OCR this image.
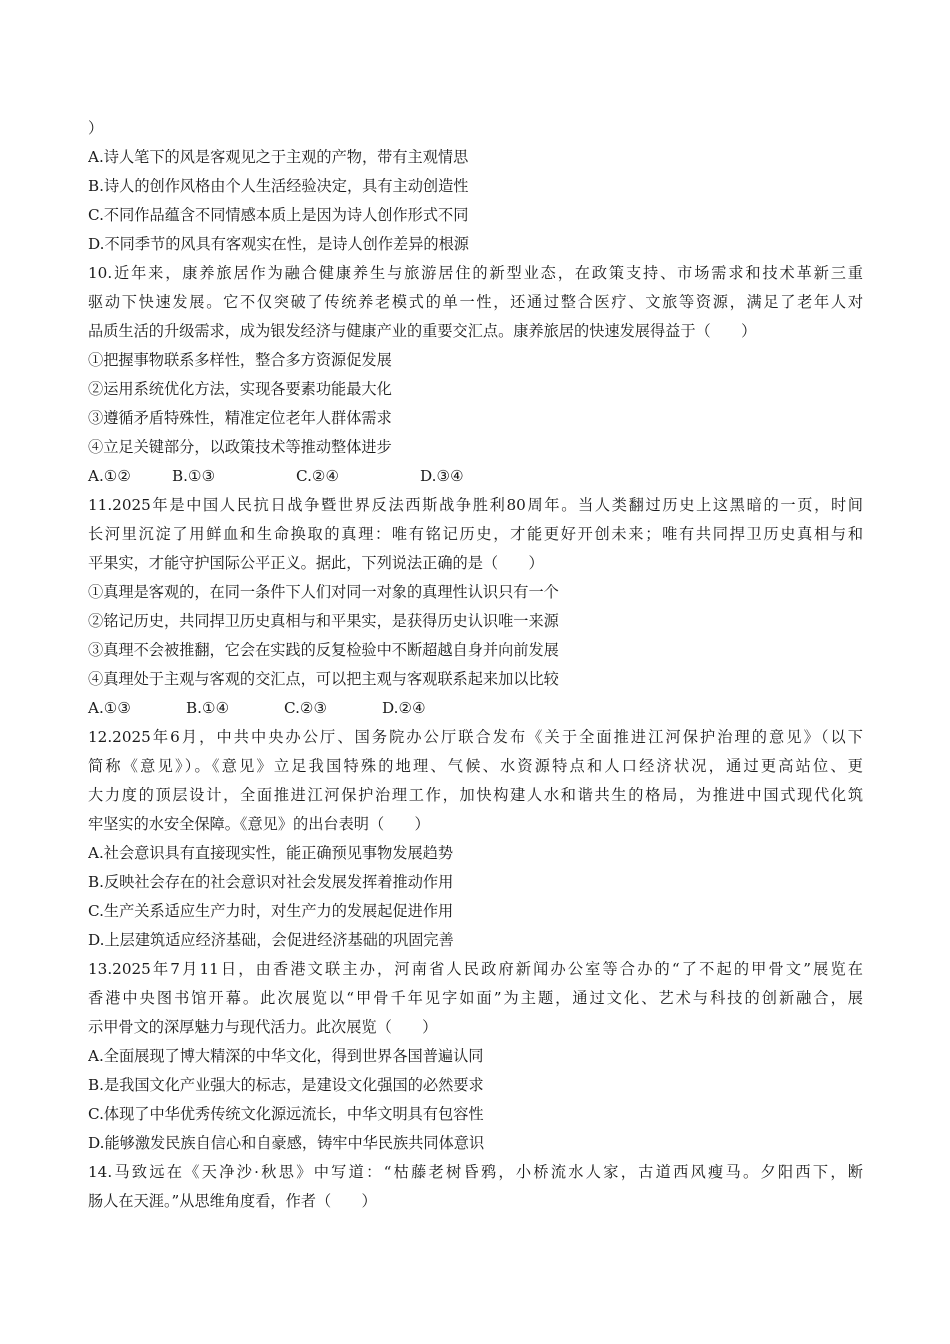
）
A.诗人笔下的风是客观见之于主观的产物，带有主观情思
B.诗人的创作风格由个人生活经验决定，具有主动创造性
C.不同作品蕴含不同情感本质上是因为诗人创作形式不同
D.不同季节的风具有客观实在性，是诗人创作差异的根源
10.近年来，康养旅居作为融合健康养生与旅游居住的新型业态，在政策支持、市场需求和技术革新三重
驱动下快速发展。它不仅突破了传统养老模式的单一性，还通过整合医疗、文旅等资源，满足了老年人对
品质生活的升级需求，成为银发经济与健康产业的重要交汇点。康养旅居的快速发展得益于（　　）
①把握事物联系多样性，整合多方资源促发展
②运用系统优化方法，实现各要素功能最大化
③遵循矛盾特殊性，精准定位老年人群体需求
④立足关键部分，以政策技术等推动整体进步
A.①②	B.①③	C.②④	D.③④
11.2025年是中国人民抗日战争暨世界反法西斯战争胜利80周年。当人类翻过历史上这黑暗的一页，时间
长河里沉淀了用鲜血和生命换取的真理：唯有铭记历史，才能更好开创未来；唯有共同捍卫历史真相与和
平果实，才能守护国际公平正义。据此，下列说法正确的是（　　）
①真理是客观的，在同一条件下人们对同一对象的真理性认识只有一个
②铭记历史，共同捍卫历史真相与和平果实，是获得历史认识唯一来源
③真理不会被推翻，它会在实践的反复检验中不断超越自身并向前发展
④真理处于主观与客观的交汇点，可以把主观与客观联系起来加以比较
A.①③	B.①④	C.②③	D.②④
12.2025年6月，中共中央办公厅、国务院办公厅联合发布《关于全面推进江河保护治理的意见》（以下
简称《意见》）。《意见》立足我国特殊的地理、气候、水资源特点和人口经济状况，通过更高站位、更
大力度的顶层设计，全面推进江河保护治理工作，加快构建人水和谐共生的格局，为推进中国式现代化筑
牢坚实的水安全保障。《意见》的出台表明（　　）
A.社会意识具有直接现实性，能正确预见事物发展趋势
B.反映社会存在的社会意识对社会发展发挥着推动作用
C.生产关系适应生产力时，对生产力的发展起促进作用
D.上层建筑适应经济基础，会促进经济基础的巩固完善
13.2025年7月11日，由香港文联主办，河南省人民政府新闻办公室等合办的“了不起的甲骨文”展览在
香港中央图书馆开幕。此次展览以“甲骨千年见字如面”为主题，通过文化、艺术与科技的创新融合，展
示甲骨文的深厚魅力与现代活力。此次展览（　　）
A.全面展现了博大精深的中华文化，得到世界各国普遍认同
B.是我国文化产业强大的标志，是建设文化强国的必然要求
C.体现了中华优秀传统文化源远流长，中华文明具有包容性
D.能够激发民族自信心和自豪感，铸牢中华民族共同体意识
14.马致远在《天净沙·秋思》中写道：“枯藤老树昏鸦，小桥流水人家，古道西风瘦马。夕阳西下，断
肠人在天涯。”从思维角度看，作者（　　）
